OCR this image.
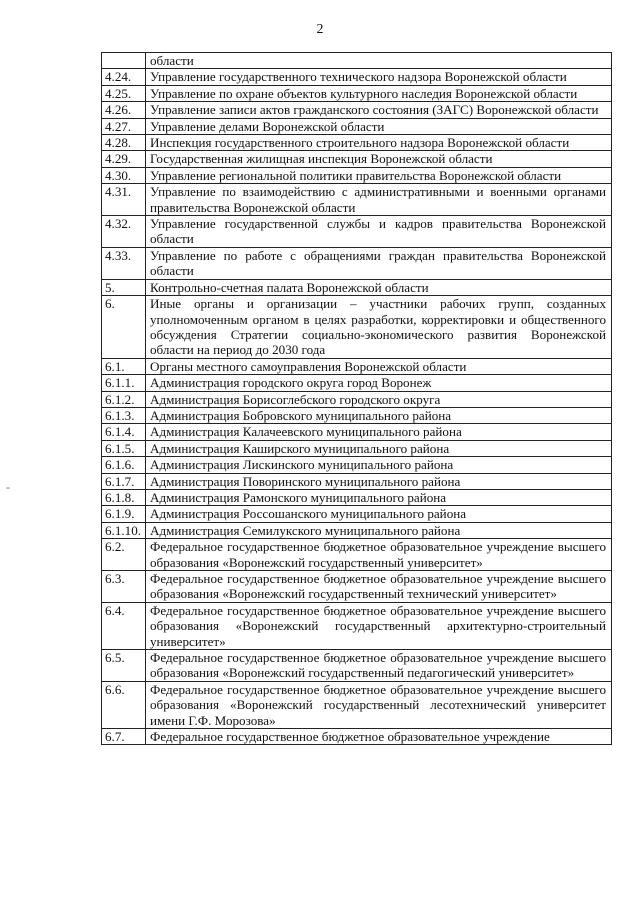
2
-
	области
4.24.	Управление государственного технического надзора Воронежской области
4.25.	Управление по охране объектов культурного наследия Воронежской области
4.26.	Управление записи актов гражданского состояния (ЗАГС) Воронежской области
4.27.	Управление делами Воронежской области
4.28.	Инспекция государственного строительного надзора Воронежской области
4.29.	Государственная жилищная инспекция Воронежской области
4.30.	Управление региональной политики правительства Воронежской области
4.31.	Управление по взаимодействию с административными и военными органами правительства Воронежской области
4.32.	Управление государственной службы и кадров правительства Воронежской области
4.33.	Управление по работе с обращениями граждан правительства Воронежской области
5.	Контрольно-счетная палата Воронежской области
6.	Иные органы и организации – участники рабочих групп, созданных уполномоченным органом в целях разработки, корректировки и общественного обсуждения Стратегии социально-экономического развития Воронежской области на период до 2030 года
6.1.	Органы местного самоуправления Воронежской области
6.1.1.	Администрация городского округа город Воронеж
6.1.2.	Администрация Борисоглебского городского округа
6.1.3.	Администрация Бобровского муниципального района
6.1.4.	Администрация Калачеевского муниципального района
6.1.5.	Администрация Каширского муниципального района
6.1.6.	Администрация Лискинского муниципального района
6.1.7.	Администрация Поворинского муниципального района
6.1.8.	Администрация Рамонского муниципального района
6.1.9.	Администрация Россошанского муниципального района
6.1.10.	Администрация Семилукского муниципального района
6.2.	Федеральное государственное бюджетное образовательное учреждение высшего образования «Воронежский государственный университет»
6.3.	Федеральное государственное бюджетное образовательное учреждение высшего образования «Воронежский государственный технический университет»
6.4.	Федеральное государственное бюджетное образовательное учреждение высшего образования «Воронежский государственный архитектурно-строительный университет»
6.5.	Федеральное государственное бюджетное образовательное учреждение высшего образования «Воронежский государственный педагогический университет»
6.6.	Федеральное государственное бюджетное образовательное учреждение высшего образования «Воронежский государственный лесотехнический университет имени Г.Ф. Морозова»
6.7.	Федеральное государственное бюджетное образовательное учреждение
